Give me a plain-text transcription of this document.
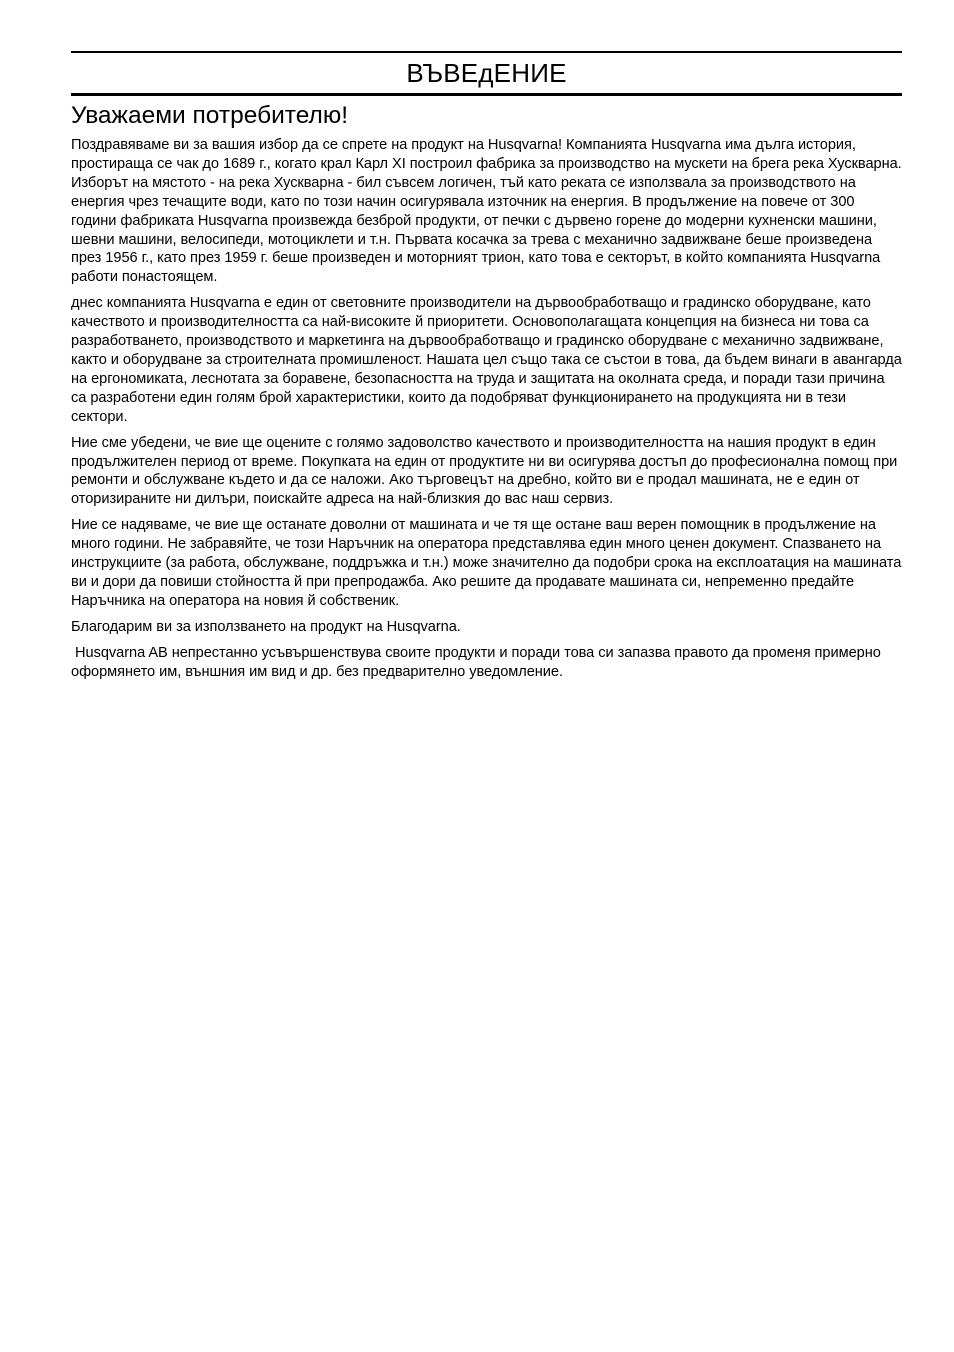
ВЪВЕдЕНИЕ
Уважаеми потребителю!

Поздравяваме ви за вашия избор да се спрете на продукт на Husqvarna! Компанията Husqvarna има дълга история, простираща се чак до 1689 г., когато крал Карл XI построил фабрика за производство на мускети на брега река Хускварна. Изборът на мястото - на река Хускварна - бил съвсем логичен, тъй като реката се използвала за производството на енергия чрез течащите води, като по този начин осигурявала източник на енергия. В продължение на повече от 300 години фабриката Husqvarna произвежда безброй продукти, от печки с дървено горене до модерни кухненски машини, шевни машини, велосипеди, мотоциклети и т.н. Първата косачка за трева с механично задвижване беше произведена през 1956 г., като през 1959 г. беше произведен и моторният трион, като това е секторът, в който компанията Husqvarna работи понастоящем.

днес компанията Husqvarna е един от световните производители на дървообработващо и градинско оборудване, като качеството и производителността са най-високите й приоритети. Основополагащата концепция на бизнеса ни това са разработването, производството и маркетинга на дървообработващо и градинско оборудване с механично задвижване, както и оборудване за строителната промишленост. Нашата цел също така се състои в това, да бъдем винаги в авангарда на ергономиката, леснотата за боравене, безопасността на труда и защитата на околната среда, и поради тази причина са разработени един голям брой характеристики, които да подобряват функционирането на продукцията ни в тези сектори.

Ние сме убедени, че вие ще оцените с голямо задоволство качеството и производителността на нашия продукт в един продължителен период от време. Покупката на един от продуктите ни ви осигурява достъп до професионална помощ при ремонти и обслужване където и да се наложи. Ако търговецът на дребно, който ви е продал машината, не е един от оторизираните ни дилъри, поискайте адреса на най-близкия до вас наш сервиз.

Ние се надяваме, че вие ще останате доволни от машината и че тя ще остане ваш верен помощник в продължение на много години. Не забравяйте, че този Наръчник на оператора представлява един много ценен документ. Спазването на инструкциите (за работа, обслужване, поддръжка и т.н.) може значително да подобри срока на експлоатация на машината ви и дори да повиши стойността й при препродажба. Ако решите да продавате машината си, непременно предайте Наръчника на оператора на новия й собственик.

Благодарим ви за използването на продукт на Husqvarna.

Husqvarna AB непрестанно усъвършенствува своите продукти и поради това си запазва правото да променя примерно оформянето им, външния им вид и др. без предварително уведомление.
